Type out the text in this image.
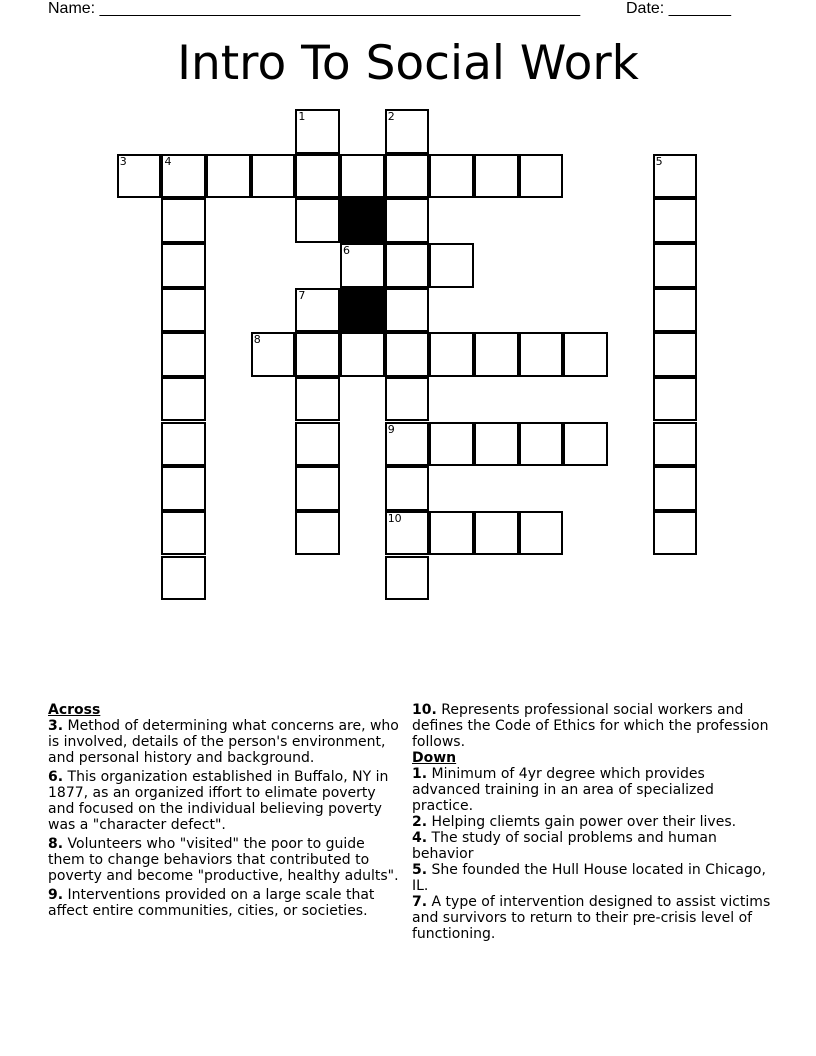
Name: ______________________________________________________	Date: _______
Intro To Social Work
1	2
3	4	5
6
7
8
9
10
Across
3. Method of determining what concerns are, who is involved, details of the person's environment, and personal history and background.
6. This organization established in Buffalo, NY in 1877, as an organized iffort to elimate poverty and focused on the individual believing poverty was a "character defect".
8. Volunteers who "visited" the poor to guide them to change behaviors that contributed to poverty and become "productive, healthy adults".
9. Interventions provided on a large scale that affect entire communities, cities, or societies.
10. Represents professional social workers and defines the Code of Ethics for which the profession follows.
Down
1. Minimum of 4yr degree which provides advanced training in an area of specialized practice.
2. Helping cliemts gain power over their lives.
4. The study of social problems and human behavior
5. She founded the Hull House located in Chicago, IL.
7. A type of intervention designed to assist victims and survivors to return to their pre-crisis level of functioning.
